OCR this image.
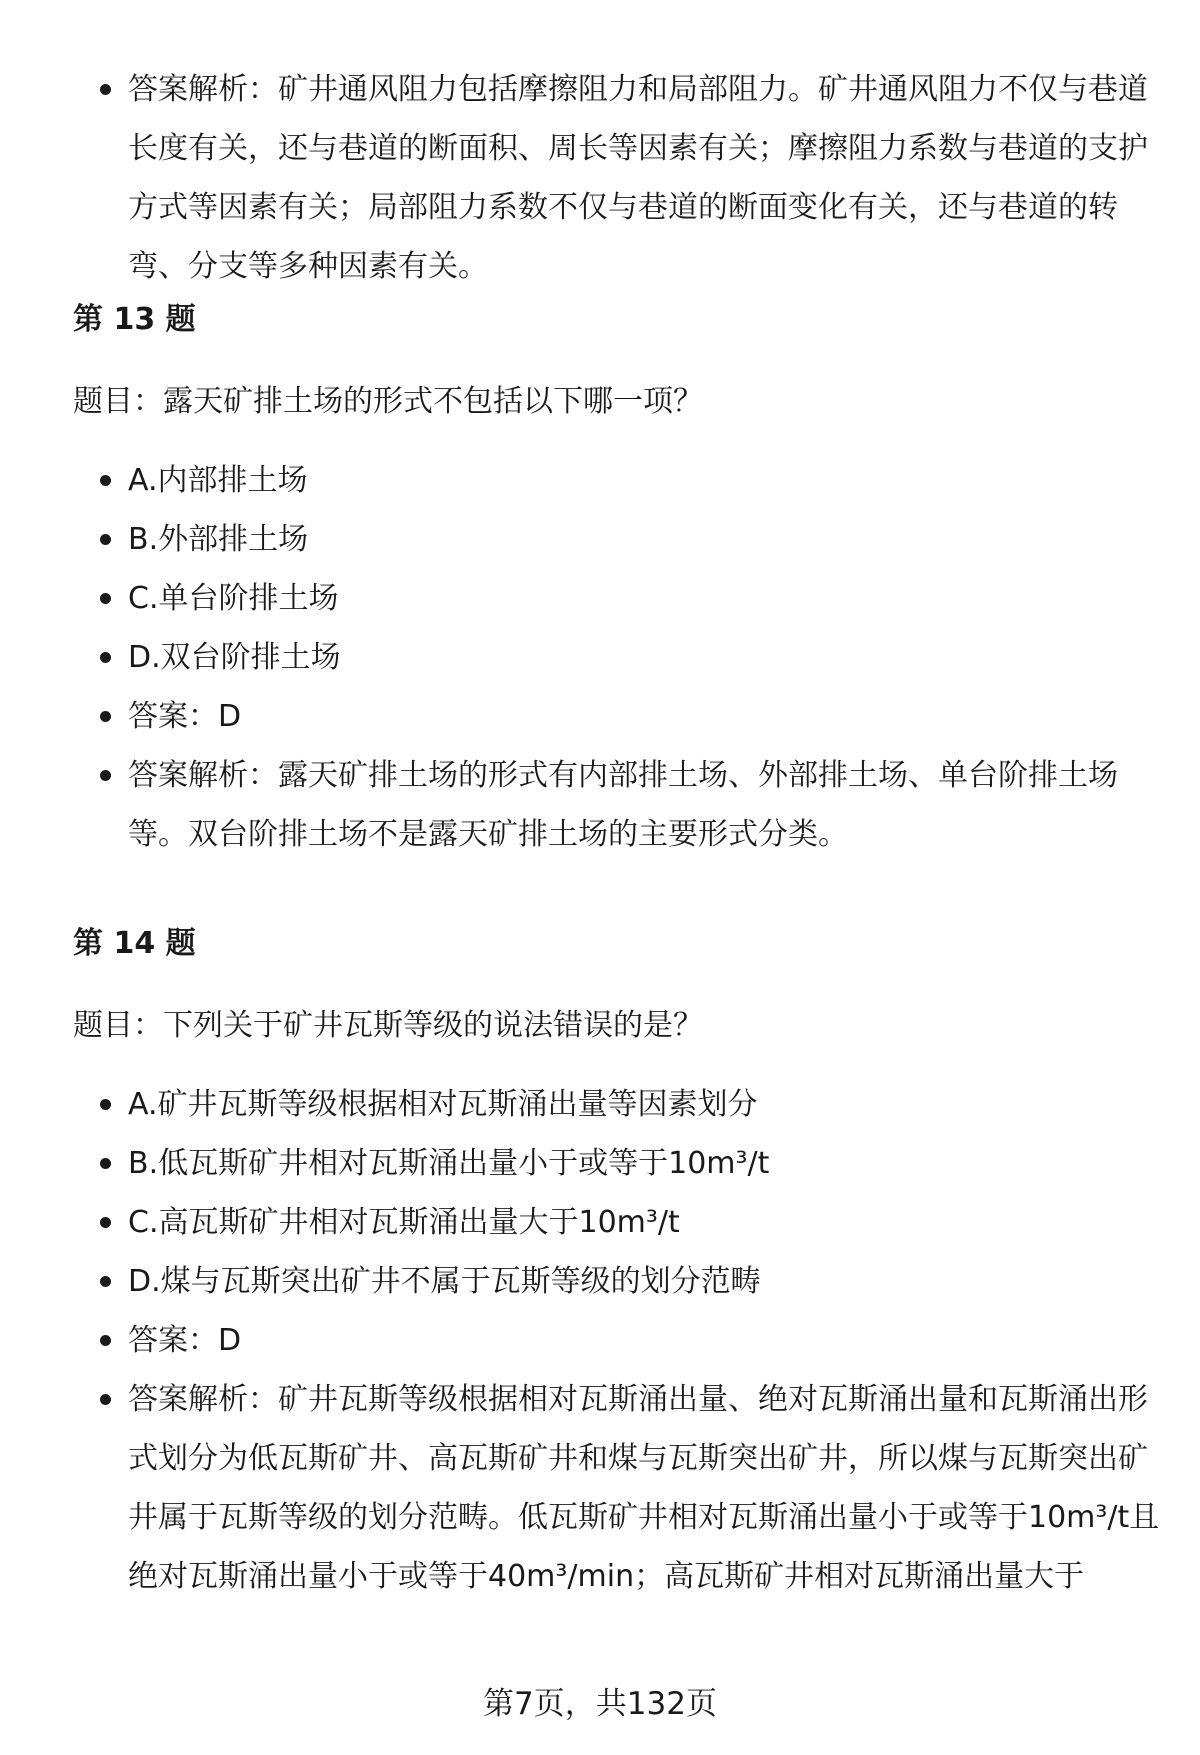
答案解析：矿井通风阻力包括摩擦阻力和局部阻力。矿井通风阻力不仅与巷道长度有关，还与巷道的断面积、周长等因素有关；摩擦阻力系数与巷道的支护方式等因素有关；局部阻力系数不仅与巷道的断面变化有关，还与巷道的转弯、分支等多种因素有关。
第 13 题

题目：露天矿排土场的形式不包括以下哪一项？

A.内部排土场
B.外部排土场
C.单台阶排土场
D.双台阶排土场
答案：D
答案解析：露天矿排土场的形式有内部排土场、外部排土场、单台阶排土场等。双台阶排土场不是露天矿排土场的主要形式分类。
第 14 题

题目：下列关于矿井瓦斯等级的说法错误的是？

A.矿井瓦斯等级根据相对瓦斯涌出量等因素划分
B.低瓦斯矿井相对瓦斯涌出量小于或等于10m³/t
C.高瓦斯矿井相对瓦斯涌出量大于10m³/t
D.煤与瓦斯突出矿井不属于瓦斯等级的划分范畴
答案：D
答案解析：矿井瓦斯等级根据相对瓦斯涌出量、绝对瓦斯涌出量和瓦斯涌出形式划分为低瓦斯矿井、高瓦斯矿井和煤与瓦斯突出矿井，所以煤与瓦斯突出矿井属于瓦斯等级的划分范畴。低瓦斯矿井相对瓦斯涌出量小于或等于10m³/t且绝对瓦斯涌出量小于或等于40m³/min；高瓦斯矿井相对瓦斯涌出量大于
第7页，共132页
